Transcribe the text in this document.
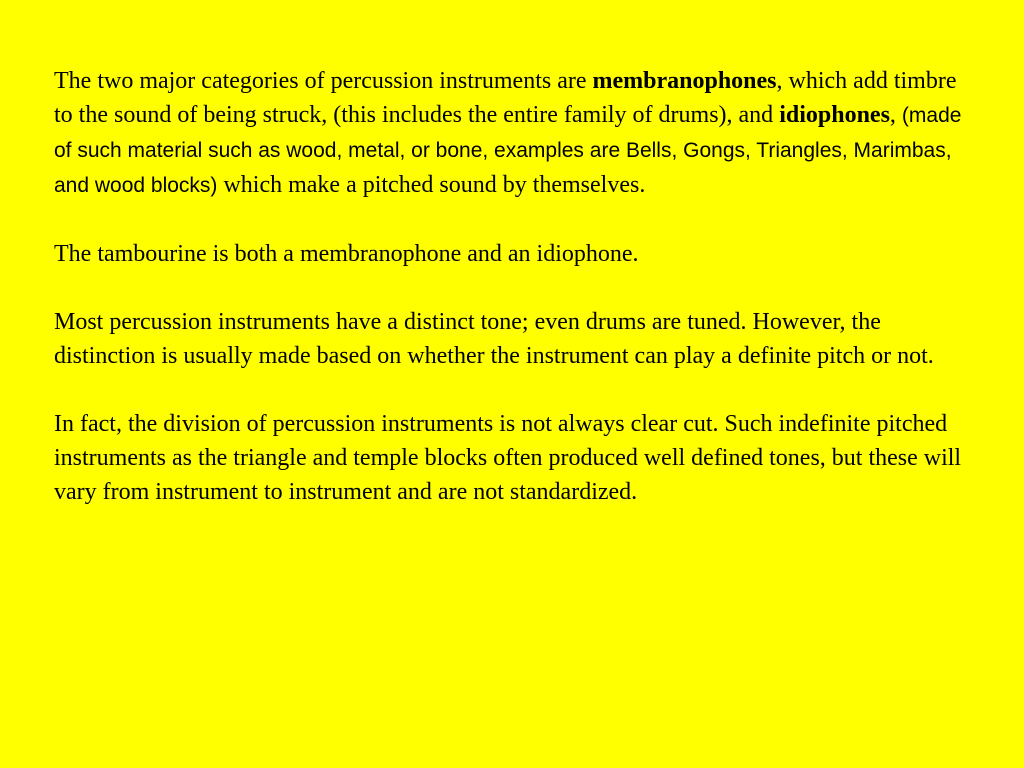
The two major categories of percussion instruments are membranophones, which add timbre to the sound of being struck, (this includes the entire family of drums), and idiophones, (made of such material such as wood, metal, or bone, examples are Bells, Gongs, Triangles, Marimbas, and wood blocks) which make a pitched sound by themselves.

The tambourine is both a membranophone and an idiophone.

Most percussion instruments have a distinct tone; even drums are tuned. However, the distinction is usually made based on whether the instrument can play a definite pitch or not.

In fact, the division of percussion instruments is not always clear cut. Such indefinite pitched instruments as the triangle and temple blocks often produced well defined tones, but these will vary from instrument to instrument and are not standardized.
